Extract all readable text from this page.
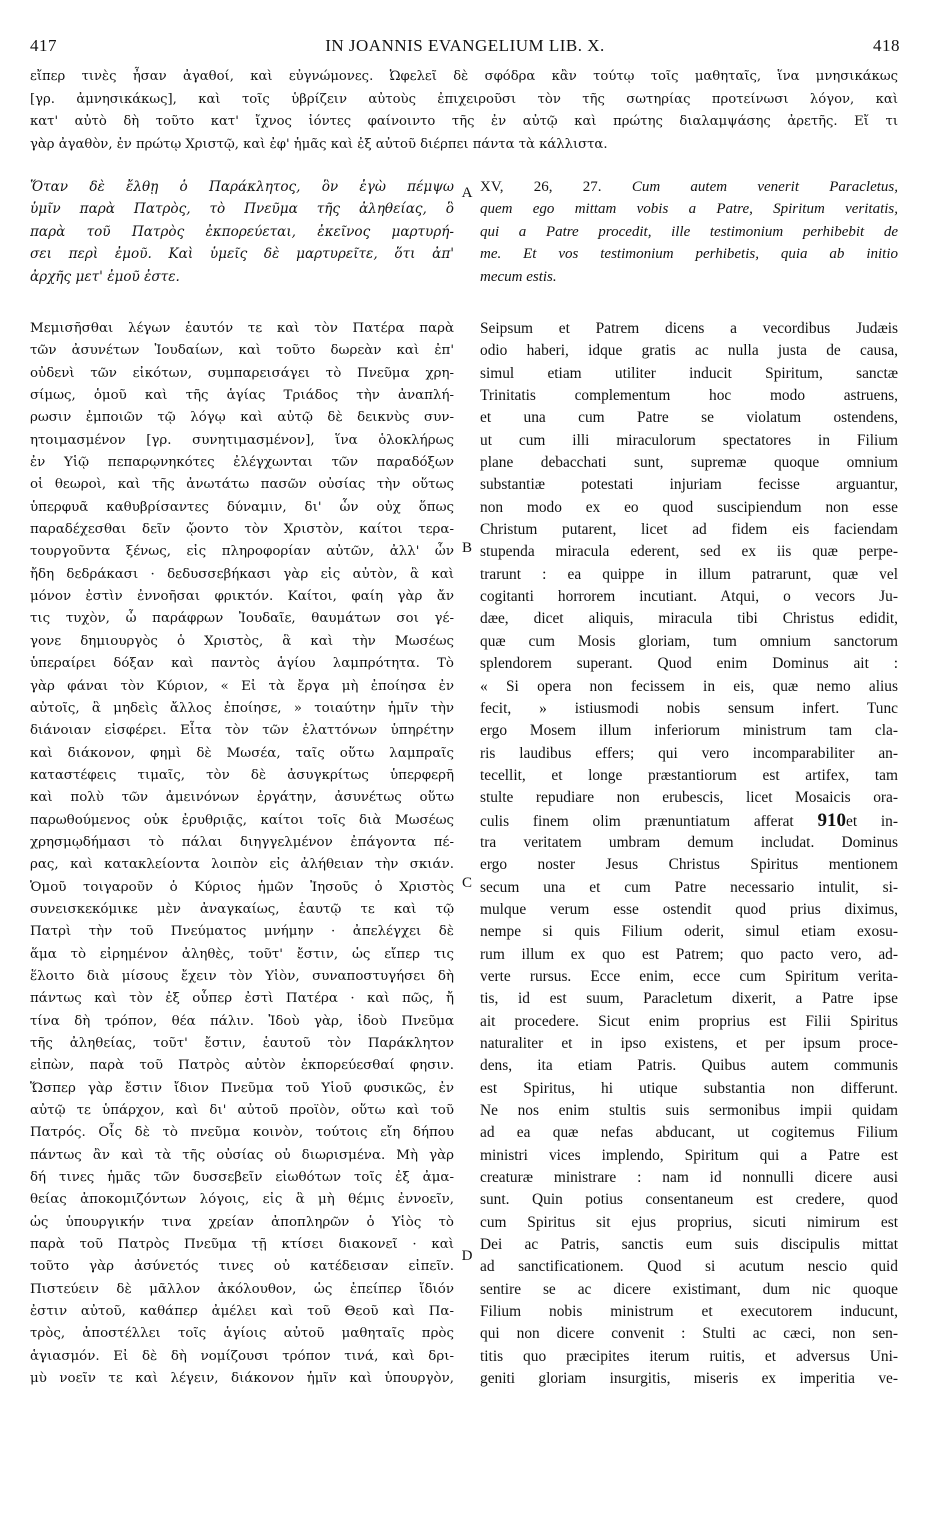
417	IN JOANNIS EVANGELIUM LIB. X.	418
εἴπερ τινὲς ἦσαν ἀγαθοί, καὶ εὐγνώμονες. Ὠφελεῖ δὲ σφόδρα κἂν τούτῳ τοῖς μαθηταῖς, ἵνα μνησικάκως
[γρ. ἀμνησικάκως], καὶ τοῖς ὑβρίζειν αὐτοὺς ἐπιχειροῦσι τὸν τῆς σωτηρίας προτείνωσι λόγον, καὶ
κατ' αὐτὸ δὴ τοῦτο κατ' ἴχνος ἰόντες φαίνοιντο τῆς ἐν αὐτῷ καὶ πρώτης διαλαμψάσης ἀρετῆς. Εἴ τι
γὰρ ἀγαθὸν, ἐν πρώτῳ Χριστῷ, καὶ ἐφ' ἡμᾶς καὶ ἐξ αὐτοῦ διέρπει πάντα τὰ κάλλιστα.
Ὅταν δὲ ἔλθῃ ὁ Παράκλητος, ὃν ἐγὼ πέμψω
ὑμῖν παρὰ Πατρὸς, τὸ Πνεῦμα τῆς ἀληθείας, ὃ
παρὰ τοῦ Πατρὸς ἐκπορεύεται, ἐκεῖνος μαρτυρή-
σει περὶ ἐμοῦ. Καὶ ὑμεῖς δὲ μαρτυρεῖτε, ὅτι ἀπ'
ἀρχῆς μετ' ἐμοῦ ἐστε.
XV, 26, 27. Cum autem venerit Paracletus,
quem ego mittam vobis a Patre, Spiritum veritatis,
qui a Patre procedit, ille testimonium perhibebit de
me. Et vos testimonium perhibetis, quia ab initio
mecum estis.
Μεμισῆσθαι λέγων ἑαυτόν τε καὶ τὸν Πατέρα παρὰ
τῶν ἀσυνέτων Ἰουδαίων, καὶ τοῦτο δωρεὰν καὶ ἐπ'
οὐδενὶ τῶν εἰκότων, συμπαρεισάγει τὸ Πνεῦμα χρη-
σίμως, ὁμοῦ καὶ τῆς ἁγίας Τριάδος τὴν ἀναπλή-
ρωσιν ἐμποιῶν τῷ λόγῳ καὶ αὐτῷ δὲ δεικνὺς συν-
ητοιμασμένον [γρ. συνητιμασμένον], ἵνα ὁλοκλήρως
ἐν Υἱῷ πεπαρῳνηκότες ἐλέγχωνται τῶν παραδόξων
οἱ θεωροὶ, καὶ τῆς ἀνωτάτω πασῶν οὐσίας τὴν οὕτως
ὑπερφυᾶ καθυβρίσαντες δύναμιν, δι' ὧν οὐχ ὅπως
παραδέχεσθαι δεῖν ᾤοντο τὸν Χριστὸν, καίτοι τερα-
τουργοῦντα ξένως, εἰς πληροφορίαν αὐτῶν, ἀλλ' ὧν
ἤδη δεδράκασι · δεδυσσεβήκασι γὰρ εἰς αὐτὸν, ἃ καὶ
μόνον ἐστὶν ἐννοῆσαι φρικτόν. Καίτοι, φαίη γὰρ ἄν
τις τυχὸν, ὦ παράφρων Ἰουδαῖε, θαυμάτων σοι γέ-
γονε δημιουργὸς ὁ Χριστὸς, ἃ καὶ τὴν Μωσέως
ὑπεραίρει δόξαν καὶ παντὸς ἁγίου λαμπρότητα. Τὸ
γὰρ φάναι τὸν Κύριον, « Εἰ τὰ ἔργα μὴ ἐποίησα ἐν
αὐτοῖς, ἃ μηδεὶς ἄλλος ἐποίησε, » τοιαύτην ἡμῖν τὴν
διάνοιαν εἰσφέρει. Εἶτα τὸν τῶν ἐλαττόνων ὑπηρέτην
καὶ διάκονον, φημὶ δὲ Μωσέα, ταῖς οὕτω λαμπραῖς
καταστέφεις τιμαῖς, τὸν δὲ ἀσυγκρίτως ὑπερφερῆ
καὶ πολὺ τῶν ἀμεινόνων ἐργάτην, ἀσυνέτως οὕτω
παρωθούμενος οὐκ ἐρυθριᾷς, καίτοι τοῖς διὰ Μωσέως
χρησμῳδήμασι τὸ πάλαι διηγγελμένον ἐπάγοντα πέ-
ρας, καὶ κατακλείοντα λοιπὸν εἰς ἀλήθειαν τὴν σκιάν.
Ὁμοῦ τοιγαροῦν ὁ Κύριος ἡμῶν Ἰησοῦς ὁ Χριστὸς
συνεισκεκόμικε μὲν ἀναγκαίως, ἑαυτῷ τε καὶ τῷ
Πατρὶ τὴν τοῦ Πνεύματος μνήμην · ἀπελέγχει δὲ
ἅμα τὸ εἰρημένον ἀληθὲς, τοῦτ' ἔστιν, ὡς εἴπερ τις
ἕλοιτο διὰ μίσους ἔχειν τὸν Υἱὸν, συναποστυγήσει δὴ
πάντως καὶ τὸν ἐξ οὗπερ ἐστὶ Πατέρα · καὶ πῶς, ἤ
τίνα δὴ τρόπον, θέα πάλιν. Ἰδοὺ γὰρ, ἰδοὺ Πνεῦμα
τῆς ἀληθείας, τοῦτ' ἔστιν, ἑαυτοῦ τὸν Παράκλητον
εἰπὼν, παρὰ τοῦ Πατρὸς αὐτὸν ἐκπορεύεσθαί φησιν.
Ὥσπερ γὰρ ἔστιν ἴδιον Πνεῦμα τοῦ Υἱοῦ φυσικῶς, ἐν
αὐτῷ τε ὑπάρχον, καὶ δι' αὐτοῦ προϊὸν, οὕτω καὶ τοῦ
Πατρός. Οἷς δὲ τὸ πνεῦμα κοινὸν, τούτοις εἴη δήπου
πάντως ἂν καὶ τὰ τῆς οὐσίας οὐ διωρισμένα. Μὴ γὰρ
δή τινες ἡμᾶς τῶν δυσσεβεῖν εἰωθότων τοῖς ἐξ ἀμα-
θείας ἀποκομιζόντων λόγοις, εἰς ἃ μὴ θέμις ἐννοεῖν,
ὡς ὑπουργικήν τινα χρείαν ἀποπληρῶν ὁ Υἱὸς τὸ
παρὰ τοῦ Πατρὸς Πνεῦμα τῇ κτίσει διακονεῖ · καὶ
τοῦτο γὰρ ἀσύνετός τινες οὐ κατέδεισαν εἰπεῖν.
Πιστεύειν δὲ μᾶλλον ἀκόλουθον, ὡς ἐπείπερ ἴδιόν
ἐστιν αὐτοῦ, καθάπερ ἀμέλει καὶ τοῦ Θεοῦ καὶ Πα-
τρὸς, ἀποστέλλει τοῖς ἁγίοις αὐτοῦ μαθηταῖς πρὸς
ἁγιασμόν. Εἰ δὲ δὴ νομίζουσι τρόπον τινά, καὶ δρι-
μὺ νοεῖν τε καὶ λέγειν, διάκονον ἡμῖν καὶ ὑπουργὸν,
Seipsum et Patrem dicens a vecordibus Judæis
odio haberi, idque gratis ac nulla justa de causa,
simul etiam utiliter inducit Spiritum, sanctæ
Trinitatis complementum hoc modo astruens,
et una cum Patre se violatum ostendens,
ut cum illi miraculorum spectatores in Filium
plane debacchati sunt, supremæ quoque omnium
substantiæ potestati injuriam fecisse arguantur,
non modo ex eo quod suscipiendum non esse
Christum putarent, licet ad fidem eis faciendam
stupenda miracula ederent, sed ex iis quæ perpe-
trarunt : ea quippe in illum patrarunt, quæ vel
cogitanti horrorem incutiant. Atqui, o vecors Ju-
dæe, dicet aliquis, miracula tibi Christus edidit,
quæ cum Mosis gloriam, tum omnium sanctorum
splendorem superant. Quod enim Dominus ait :
« Si opera non fecissem in eis, quæ nemo alius
fecit, » istiusmodi nobis sensum infert. Tunc
ergo Mosem illum inferiorum ministrum tam cla-
ris laudibus effers; qui vero incomparabiliter an-
tecellit, et longe præstantiorum est artifex, tam
stulte repudiare non erubescis, licet Mosaicis ora-
culis finem olim prænuntiatum afferat 910et in-
tra veritatem umbram demum includat. Dominus
ergo noster Jesus Christus Spiritus mentionem
secum una et cum Patre necessario intulit, si-
mulque verum esse ostendit quod prius diximus,
nempe si quis Filium oderit, simul etiam exosu-
rum illum ex quo est Patrem; quo pacto vero, ad-
verte rursus. Ecce enim, ecce cum Spiritum verita-
tis, id est suum, Paracletum dixerit, a Patre ipse
ait procedere. Sicut enim proprius est Filii Spiritus
naturaliter et in ipso existens, et per ipsum proce-
dens, ita etiam Patris. Quibus autem communis
est Spiritus, hi utique substantia non differunt.
Ne nos enim stultis suis sermonibus impii quidam
ad ea quæ nefas abducant, ut cogitemus Filium
ministri vices implendo, Spiritum qui a Patre est
creaturæ ministrare : nam id nonnulli dicere ausi
sunt. Quin potius consentaneum est credere, quod
cum Spiritus sit ejus proprius, sicuti nimirum est
Dei ac Patris, sanctis eum suis discipulis mittat
ad sanctificationem. Quod si acutum nescio quid
sentire se ac dicere existimant, dum nic quoque
Filium nobis ministrum et executorem inducunt,
qui non dicere convenit : Stulti ac cæci, non sen-
titis quo præcipites iterum ruitis, et adversus Uni-
geniti gloriam insurgitis, miseris ex imperitia ve-
A
B
C
D
